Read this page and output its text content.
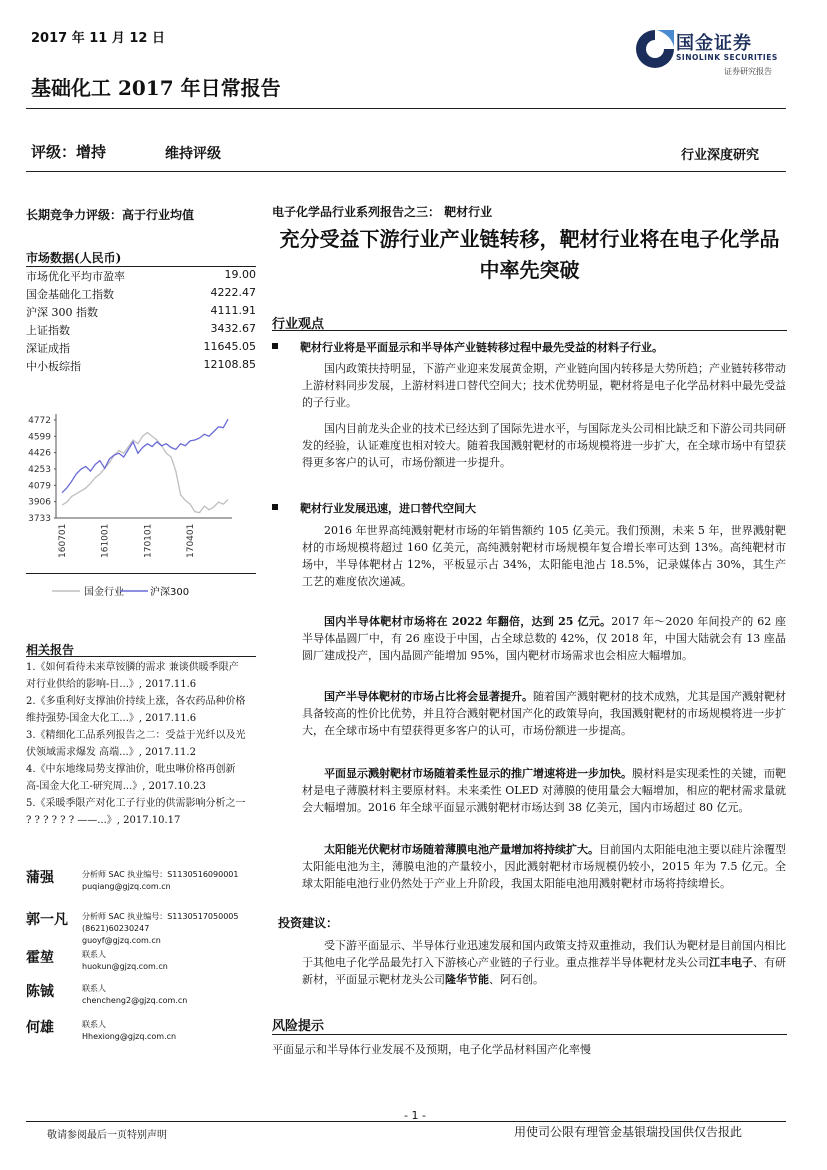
2017 年 11 月 12 日	国金证券
SINOLINK SECURITIES
证券研究报告
基础化工 2017 年日常报告
评级：增持	维持评级	行业深度研究
长期竞争力评级：高于行业均值
市场数据(人民币)
市场优化平均市盈率	19.00
国金基础化工指数	4222.47
沪深 300 指数	4111.91
上证指数	3432.67
深证成指	11645.05
中小板综指	12108.85
4772
4599
4426
4253
4079
3906
3733
160701	161001	170101	170401
国金行业	沪深300
相关报告
1.《如何看待未来草铵膦的需求 兼谈供暖季限产对行业供给的影响-日...》, 2017.11.6
2.《多重利好支撑油价持续上涨，各农药品种价格维持强势-国金大化工...》, 2017.11.6
3.《精细化工品系列报告之二：受益于光纤以及光伏领域需求爆发 高端...》, 2017.11.2
4.《中东地缘局势支撑油价，吡虫啉价格再创新高-国金大化工-研究周...》, 2017.10.23
5.《采暖季限产对化工子行业的供需影响分析之一 ? ? ? ? ? ? ——...》, 2017.10.17
蒲强	分析师 SAC 执业编号：S1130516090001
puqiang@gjzq.com.cn
郭一凡 分析师 SAC 执业编号：S1130517050005
(8621)60230247
guoyf@gjzq.com.cn
霍堃	联系人
huokun@gjzq.com.cn
陈铖	联系人
chencheng2@gjzq.com.cn
何雄	联系人
Hhexiong@gjzq.com.cn
电子化学品行业系列报告之三： 靶材行业
充分受益下游行业产业链转移，靶材行业将在电子化学品中率先突破
行业观点
靶材行业将是平面显示和半导体产业链转移过程中最先受益的材料子行业。
国内政策扶持明显，下游产业迎来发展黄金期，产业链向国内转移是大势所趋；产业链转移带动上游材料同步发展，上游材料进口替代空间大；技术优势明显，靶材将是电子化学品材料中最先受益的子行业。
国内目前龙头企业的技术已经达到了国际先进水平，与国际龙头公司相比缺乏和下游公司共同研发的经验，认证难度也相对较大。随着我国溅射靶材的市场规模将进一步扩大，在全球市场中有望获得更多客户的认可，市场份额进一步提升。
靶材行业发展迅速，进口替代空间大
2016 年世界高纯溅射靶材市场的年销售额约 105 亿美元。我们预测，未来 5 年，世界溅射靶材的市场规模将超过 160 亿美元，高纯溅射靶材市场规模年复合增长率可达到 13%。高纯靶材市场中，半导体靶材占 12%，平板显示占 34%，太阳能电池占 18.5%，记录媒体占 30%，其生产工艺的难度依次递减。
国内半导体靶材市场将在 2022 年翻倍，达到 25 亿元。2017 年～2020 年间投产的 62 座半导体晶圆厂中，有 26 座设于中国，占全球总数的 42%，仅 2018 年，中国大陆就会有 13 座晶圆厂建成投产，国内晶圆产能增加 95%，国内靶材市场需求也会相应大幅增加。
国产半导体靶材的市场占比将会显著提升。随着国产溅射靶材的技术成熟，尤其是国产溅射靶材具备较高的性价比优势，并且符合溅射靶材国产化的政策导向，我国溅射靶材的市场规模将进一步扩大，在全球市场中有望获得更多客户的认可，市场份额进一步提高。
平面显示溅射靶材市场随着柔性显示的推广增速将进一步加快。膜材料是实现柔性的关键，而靶材是电子薄膜材料主要原材料。未来柔性 OLED 对薄膜的使用量会大幅增加，相应的靶材需求量就会大幅增加。2016 年全球平面显示溅射靶材市场达到 38 亿美元，国内市场超过 80 亿元。
太阳能光伏靶材市场随着薄膜电池产量增加将持续扩大。目前国内太阳能电池主要以硅片涂覆型太阳能电池为主，薄膜电池的产量较小，因此溅射靶材市场规模仍较小，2015 年为 7.5 亿元。全球太阳能电池行业仍然处于产业上升阶段，我国太阳能电池用溅射靶材市场将持续增长。
投资建议：
受下游平面显示、半导体行业迅速发展和国内政策支持双重推动，我们认为靶材是目前国内相比于其他电子化学品最先打入下游核心产业链的子行业。重点推荐半导体靶材龙头公司江丰电子、有研新材，平面显示靶材龙头公司隆华节能、阿石创。
风险提示
平面显示和半导体行业发展不及预期，电子化学品材料国产化率慢
- 1 -
敬请参阅最后一页特别声明	用使司公限有理管金基银瑞投国供仅告报此
